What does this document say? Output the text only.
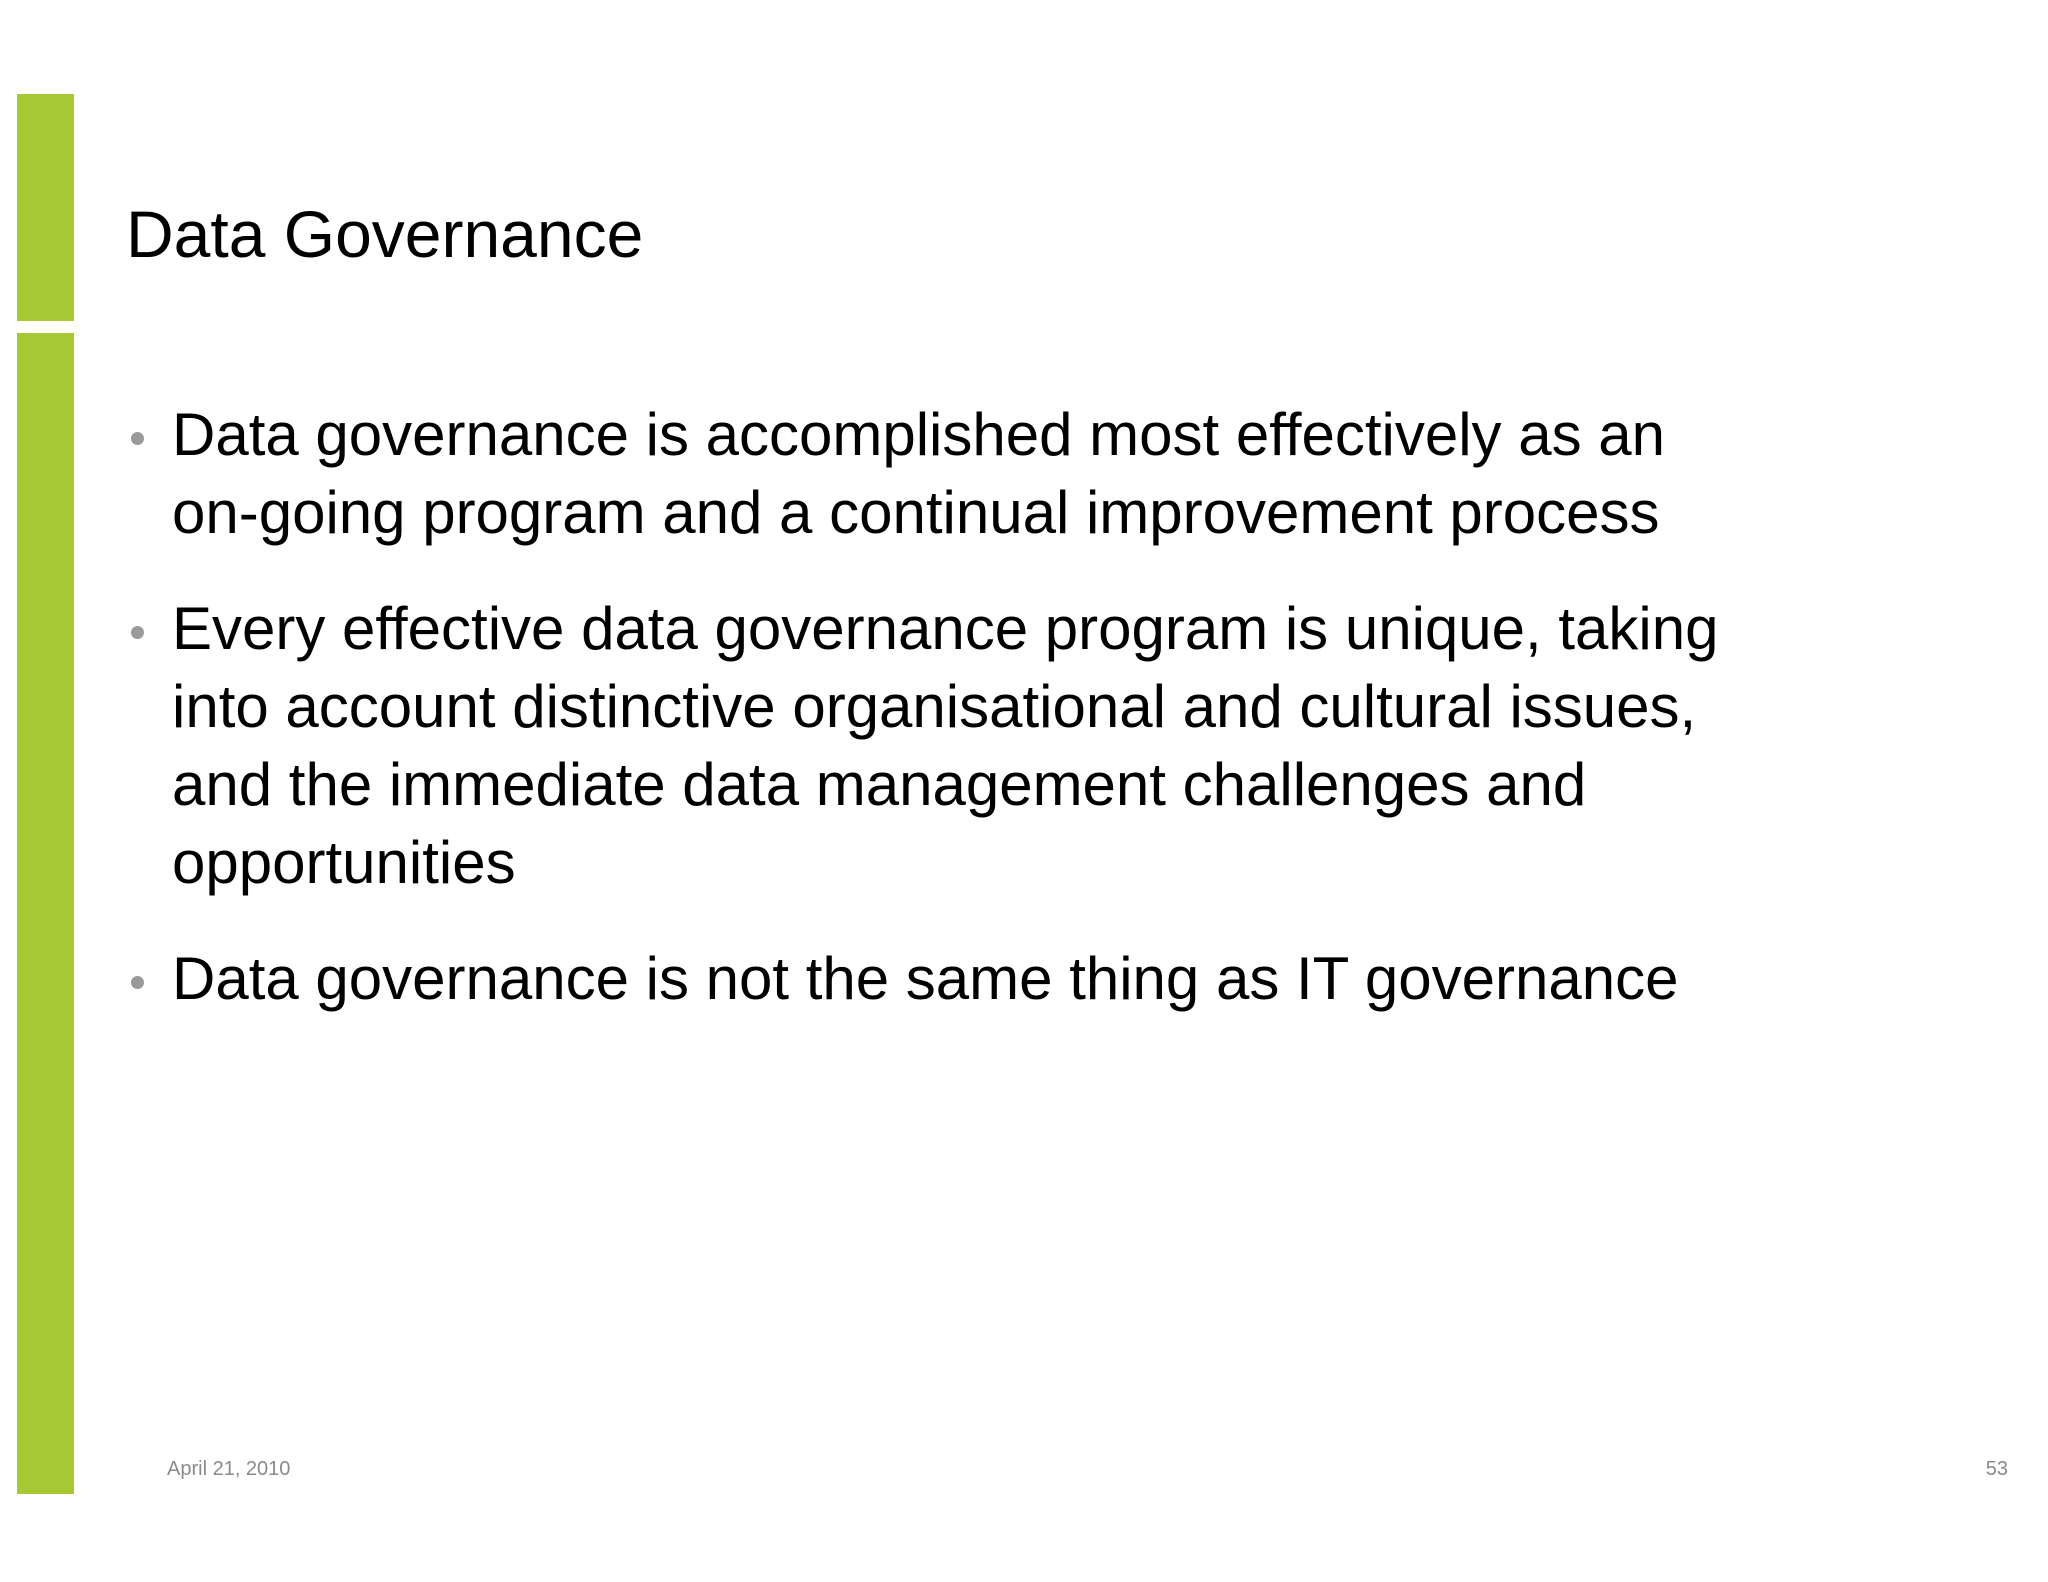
Data Governance
Data governance is accomplished most effectively as an
on-going program and a continual improvement process
Every effective data governance program is unique, taking
into account distinctive organisational and cultural issues,
and the immediate data management challenges and
opportunities
Data governance is not the same thing as IT governance
April 21, 2010	53
